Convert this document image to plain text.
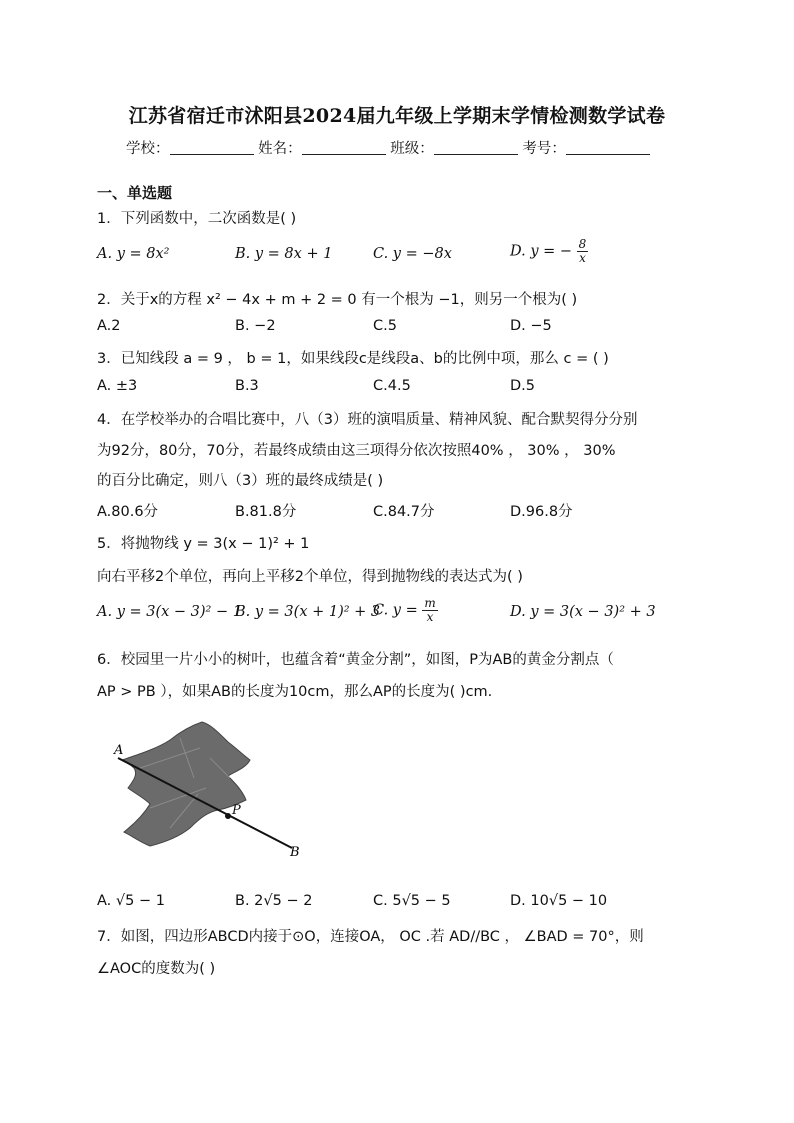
江苏省宿迁市沭阳县2024届九年级上学期末学情检测数学试卷
学校：	姓名：	班级：	考号：
一、单选题
1．下列函数中，二次函数是( )
A. y = 8x²	B. y = 8x + 1	C. y = −8x	D. y = − $\frac{8}{x}$
2．关于x的方程 x² − 4x + m + 2 = 0 有一个根为 −1，则另一个根为( )
A.2	B. −2	C.5	D. −5
3．已知线段 a = 9 ， b = 1，如果线段c是线段a、b的比例中项，那么 c = ( )
A. ±3	B.3	C.4.5	D.5
4．在学校举办的合唱比赛中，八（3）班的演唱质量、精神风貌、配合默契得分分别
为92分，80分，70分，若最终成绩由这三项得分依次按照40% ， 30% ， 30%
的百分比确定，则八（3）班的最终成绩是( )
A.80.6分	B.81.8分	C.84.7分	D.96.8分
5．将抛物线 y = 3(x − 1)² + 1
向右平移2个单位，再向上平移2个单位，得到抛物线的表达式为( )
A. y = 3(x − 3)² − 1
B. y = 3(x + 1)² + 3
C. $y = \frac{m}{x}$	D. y = 3(x − 3)² + 3
6．校园里一片小小的树叶，也蕴含着“黄金分割”，如图，P为AB的黄金分割点（
AP > PB ），如果AB的长度为10cm，那么AP的长度为( )cm.
A
P
B
A. √5 − 1	B. 2√5 − 2	C. 5√5 − 5	D. 10√5 − 10
7．如图，四边形ABCD内接于⊙O，连接OA， OC .若 AD//BC ， ∠BAD = 70°，则
∠AOC的度数为( )
